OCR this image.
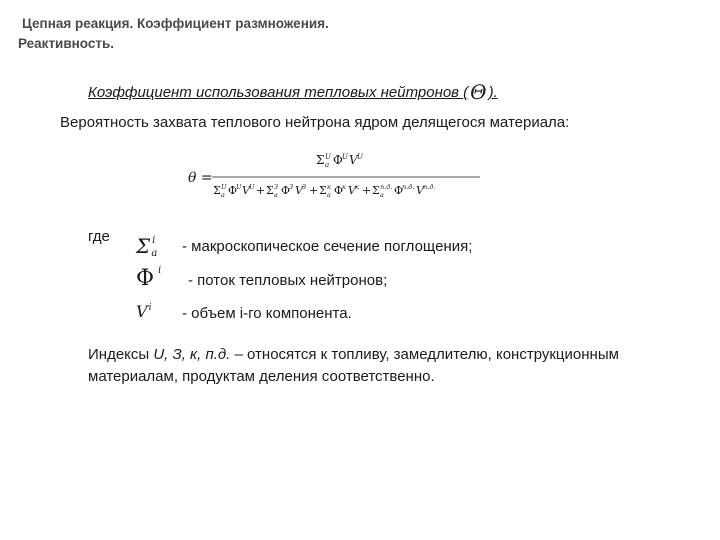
Цепная реакция. Коэффициент размножения.
Реактивность.
Коэффициент использования тепловых нейтронов ( Θ ).
Вероятность захвата теплового нейтрона ядром делящегося материала:
θ =
Σ U
a Φ U V U
Σ U
a Φ
U V U + Σ З
a Φ
З V З + Σ к
a Φ
к V к + Σ п.д.
a Φ
п.д. V п.д.
где Σ $^i$a - макроскопическое сечение поглощения;
Φ $^i$
- поток тепловых нейтронов;
$V^i$ - объем i-го компонента.
Индексы U, З, к, п.д. – относятся к топливу, замедлителю, конструкционным материалам, продуктам деления соответственно.
